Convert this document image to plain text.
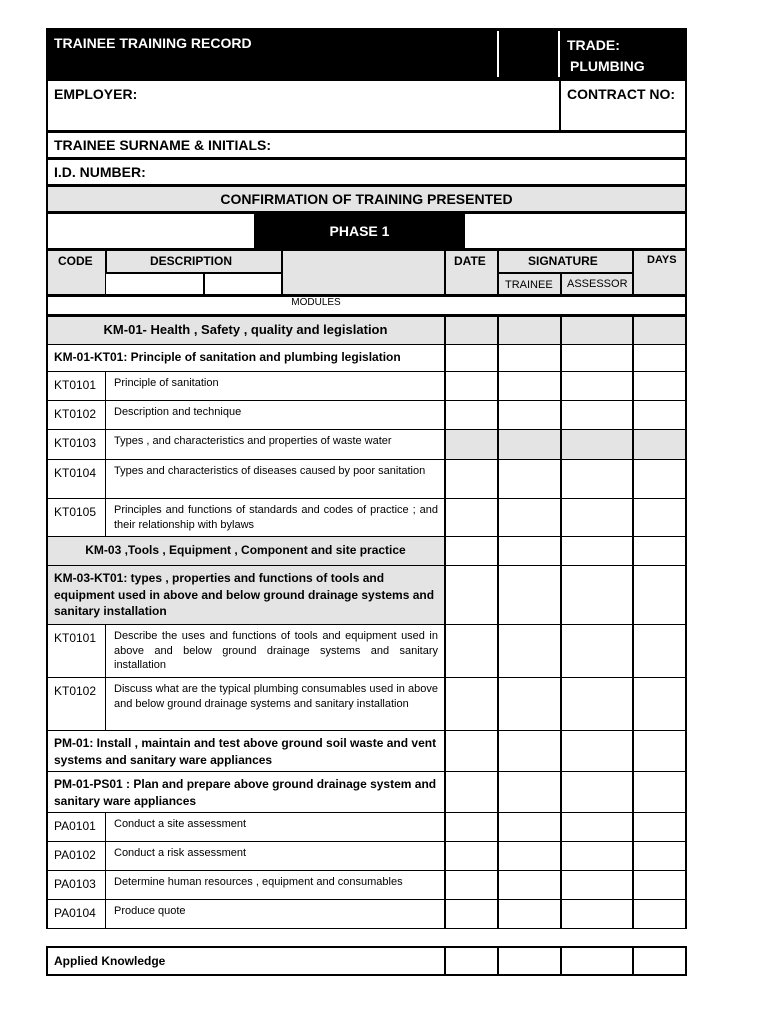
TRAINEE TRAINING RECORD	TRADE:
PLUMBING
EMPLOYER:	CONTRACT NO:
TRAINEE SURNAME & INITIALS:
I.D. NUMBER:
CONFIRMATION OF TRAINING PRESENTED
PHASE 1
CODE	DESCRIPTION	DATE	SIGNATURE	DAYS
TRAINEE ASSESSOR
MODULES
KM-01- Health , Safety , quality and legislation
KM-01-KT01: Principle of sanitation and plumbing legislation
KT0101 Principle of sanitation
KT0102 Description and technique
KT0103 Types , and characteristics and properties of waste water
KT0104 Types and characteristics of diseases caused by poor sanitation
KT0105 Principles and functions of standards and codes of practice ; and their relationship with bylaws
KM-03 ,Tools , Equipment , Component and site practice
KM-03-KT01: types , properties and functions of tools and equipment used in above and below ground drainage systems and sanitary installation
KT0101 Describe the uses and functions of tools and equipment used in above and below ground drainage systems and sanitary installation
KT0102 Discuss what are the typical plumbing consumables used in above and below ground drainage systems and sanitary installation
PM-01: Install , maintain and test above ground soil waste and vent systems and sanitary ware appliances
PM-01-PS01 : Plan and prepare above ground drainage system and sanitary ware appliances
PA0101 Conduct a site assessment
PA0102 Conduct a risk assessment
PA0103 Determine human resources , equipment and consumables
PA0104 Produce quote
Applied Knowledge
